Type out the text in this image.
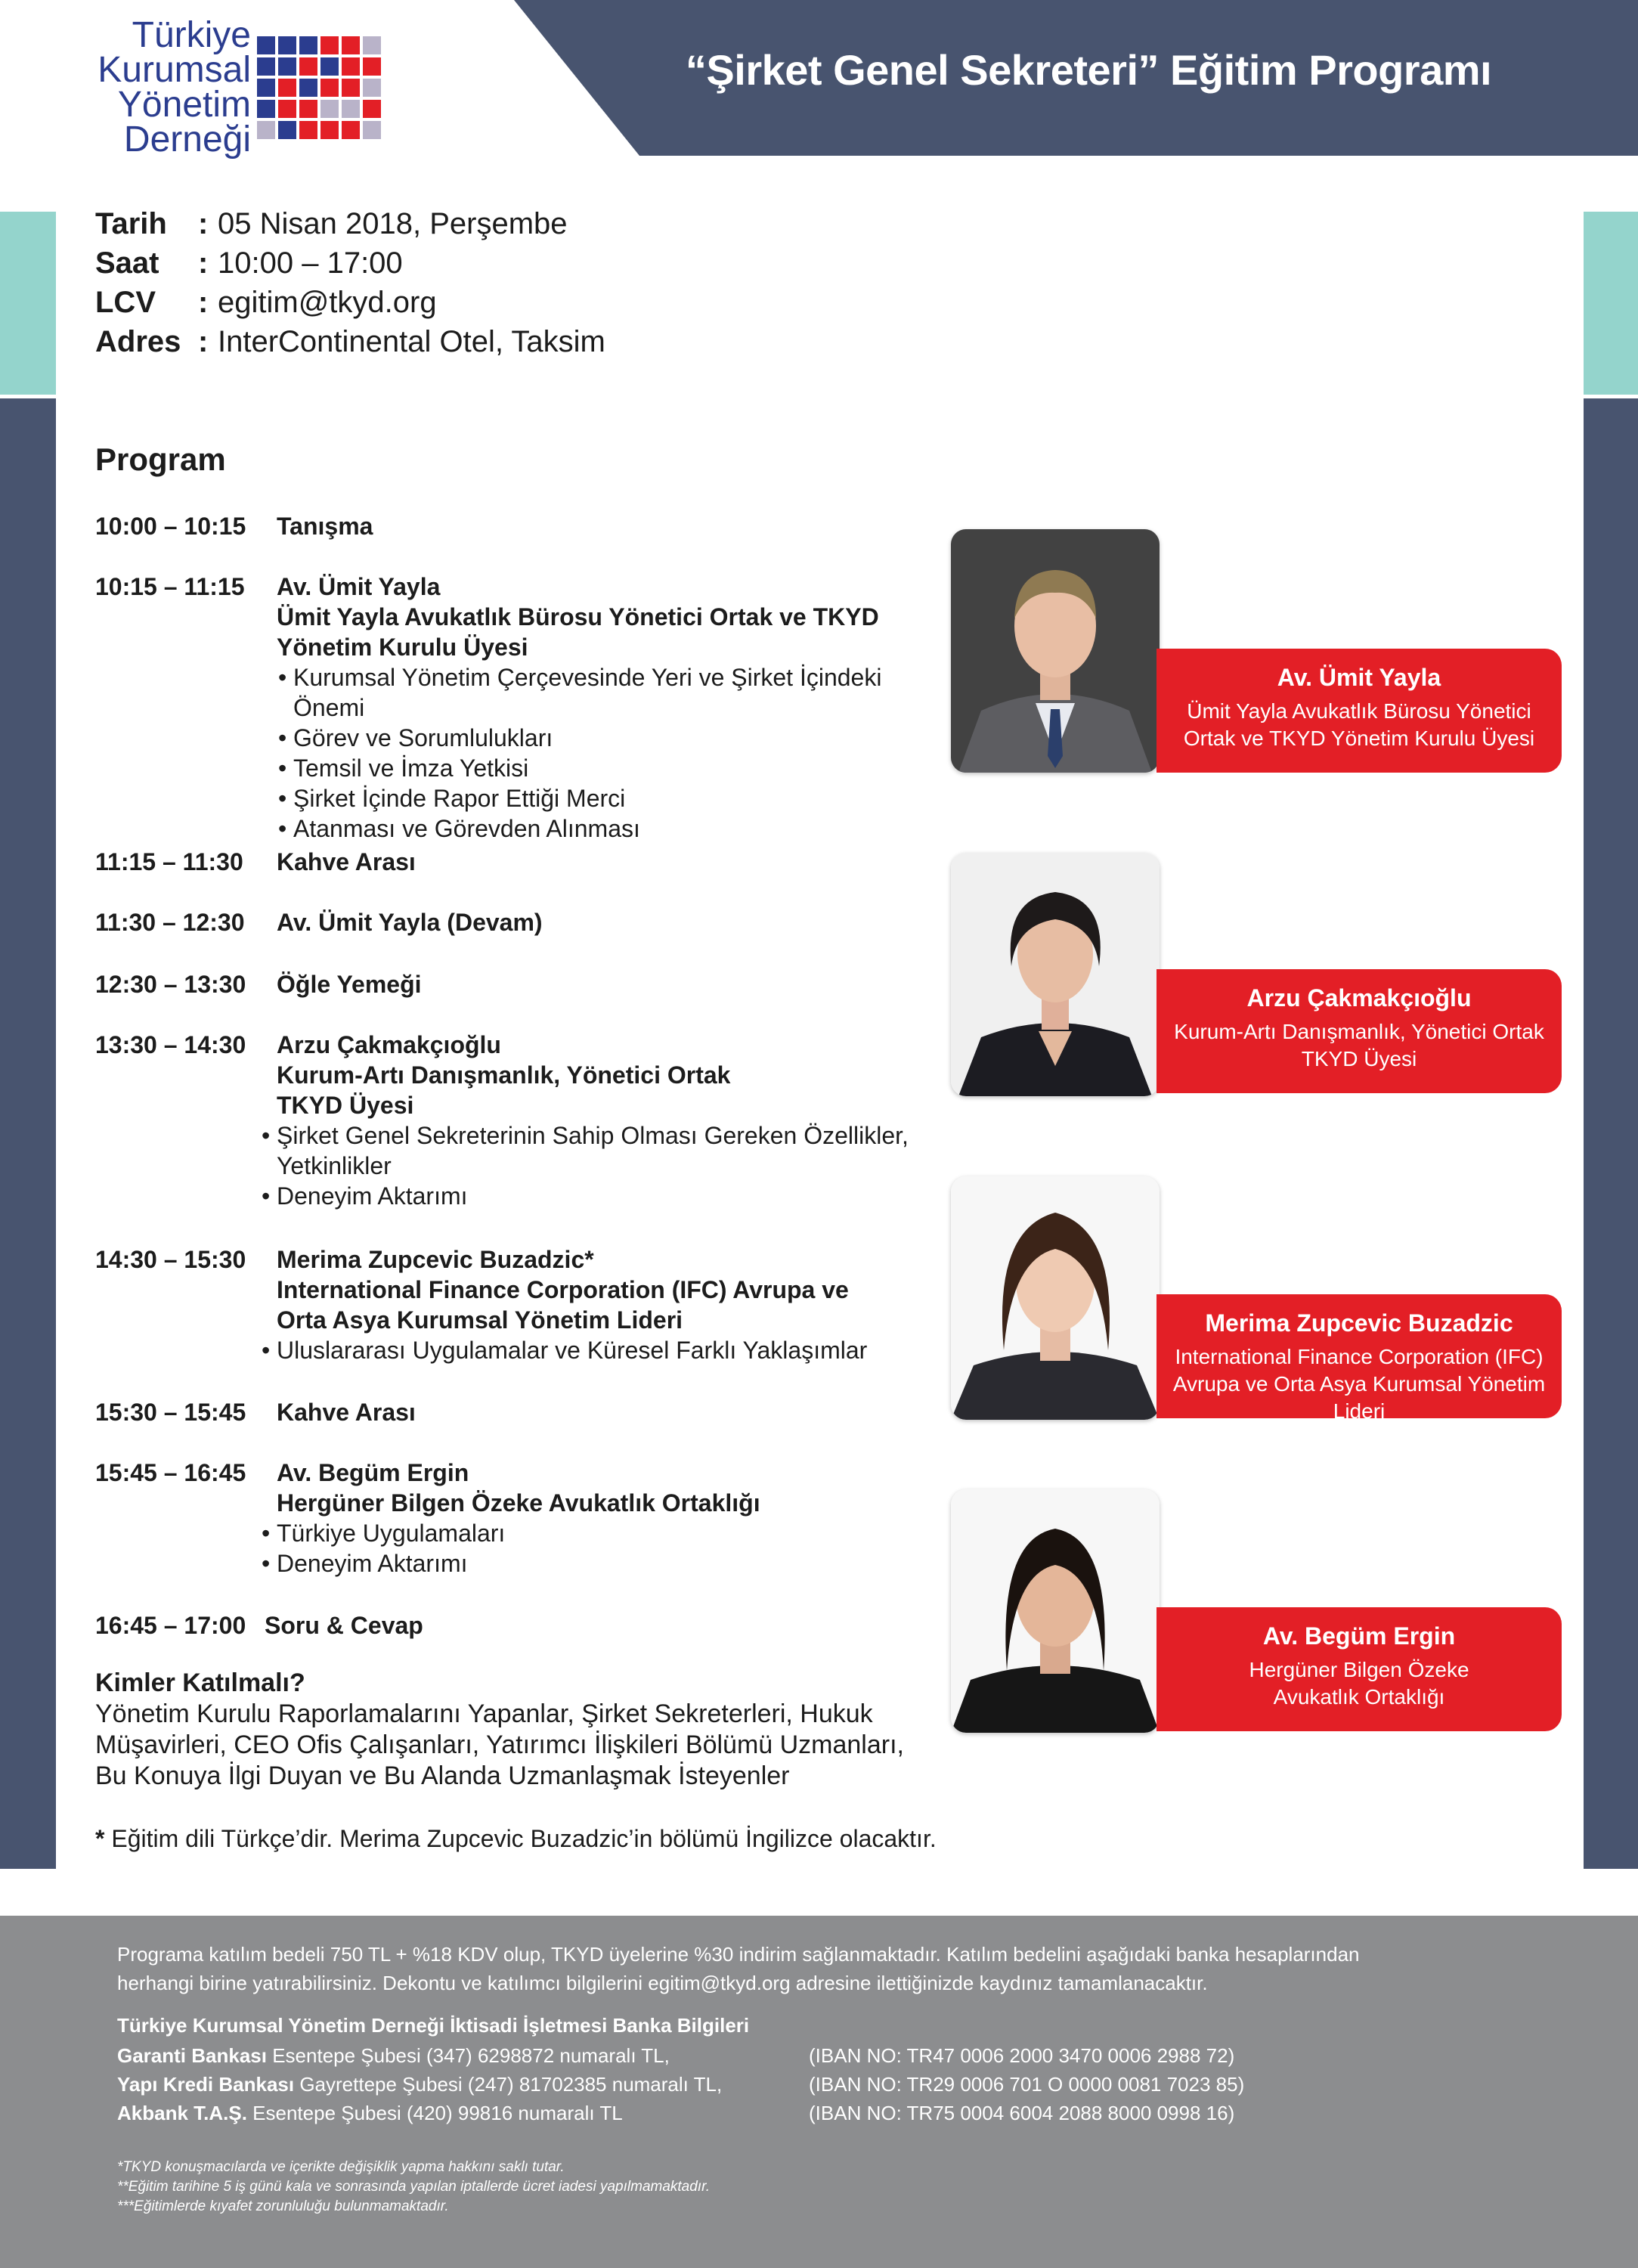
“Şirket Genel Sekreteri” Eğitim Programı
Türkiye
Kurumsal
Yönetim
Derneği
Tarih : 05 Nisan 2018, Perşembe
Saat : 10:00 – 17:00
LCV : egitim@tkyd.org
Adres : InterContinental Otel, Taksim
Program
10:00 – 10:15 Tanışma
10:15 – 11:15 Av. Ümit Yayla
Ümit Yayla Avukatlık Bürosu Yönetici Ortak ve TKYD
Yönetim Kurulu Üyesi
• Kurumsal Yönetim Çerçevesinde Yeri ve Şirket İçindeki Önemi
• Görev ve Sorumlulukları
• Temsil ve İmza Yetkisi
• Şirket İçinde Rapor Ettiği Merci
• Atanması ve Görevden Alınması
11:15 – 11:30 Kahve Arası
11:30 – 12:30 Av. Ümit Yayla (Devam)
12:30 – 13:30 Öğle Yemeği
13:30 – 14:30 Arzu Çakmakçıoğlu
Kurum-Artı Danışmanlık, Yönetici Ortak
TKYD Üyesi
• Şirket Genel Sekreterinin Sahip Olması Gereken Özellikler,
Yetkinlikler
• Deneyim Aktarımı
14:30 – 15:30 Merima Zupcevic Buzadzic*
International Finance Corporation (IFC) Avrupa ve
Orta Asya Kurumsal Yönetim Lideri
• Uluslararası Uygulamalar ve Küresel Farklı Yaklaşımlar
15:30 – 15:45 Kahve Arası
15:45 – 16:45 Av. Begüm Ergin
Hergüner Bilgen Özeke Avukatlık Ortaklığı
• Türkiye Uygulamaları
• Deneyim Aktarımı
16:45 – 17:00 Soru & Cevap
Kimler Katılmalı?
Yönetim Kurulu Raporlamalarını Yapanlar, Şirket Sekreterleri, Hukuk
Müşavirleri, CEO Ofis Çalışanları, Yatırımcı İlişkileri Bölümü Uzmanları,
Bu Konuya İlgi Duyan ve Bu Alanda Uzmanlaşmak İsteyenler
* Eğitim dili Türkçe’dir. Merima Zupcevic Buzadzic’in bölümü İngilizce olacaktır.
Av. Ümit Yayla
Ümit Yayla Avukatlık Bürosu Yönetici
Ortak ve TKYD Yönetim Kurulu Üyesi
Arzu Çakmakçıoğlu
Kurum-Artı Danışmanlık, Yönetici Ortak
TKYD Üyesi
Merima Zupcevic Buzadzic
International Finance Corporation (IFC)
Avrupa ve Orta Asya Kurumsal Yönetim Lideri
Av. Begüm Ergin
Hergüner Bilgen Özeke
Avukatlık Ortaklığı
Programa katılım bedeli 750 TL + %18 KDV olup, TKYD üyelerine %30 indirim sağlanmaktadır. Katılım bedelini aşağıdaki banka hesaplarından
herhangi birine yatırabilirsiniz. Dekontu ve katılımcı bilgilerini egitim@tkyd.org adresine ilettiğinizde kaydınız tamamlanacaktır.
Türkiye Kurumsal Yönetim Derneği İktisadi İşletmesi Banka Bilgileri
Garanti Bankası Esentepe Şubesi (347) 6298872 numaralı TL,	(IBAN NO: TR47 0006 2000 3470 0006 2988 72)
Yapı Kredi Bankası Gayrettepe Şubesi (247) 81702385 numaralı TL,	(IBAN NO: TR29 0006 701 O 0000 0081 7023 85)
Akbank T.A.Ş. Esentepe Şubesi (420) 99816 numaralı TL	(IBAN NO: TR75 0004 6004 2088 8000 0998 16)
*TKYD konuşmacılarda ve içerikte değişiklik yapma hakkını saklı tutar.
**Eğitim tarihine 5 iş günü kala ve sonrasında yapılan iptallerde ücret iadesi yapılmamaktadır.
***Eğitimlerde kıyafet zorunluluğu bulunmamaktadır.
